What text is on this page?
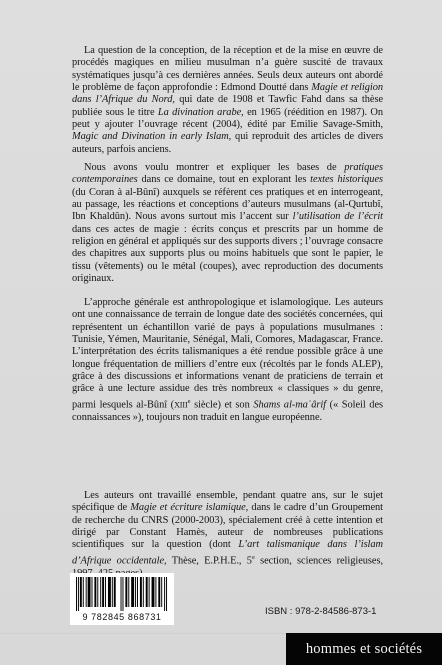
La question de la conception, de la réception et de la mise en œuvre de procédés magiques en milieu musulman n’a guère suscité de travaux systématiques jusqu’à ces dernières années. Seuls deux auteurs ont abordé le problème de façon approfondie : Edmond Doutté dans Magie et religion dans l’Afrique du Nord, qui date de 1908 et Tawfic Fahd dans sa thèse publiée sous le titre La divination arabe, en 1965 (réédition en 1987). On peut y ajouter l’ouvrage récent (2004), édité par Emilie Savage-Smith, Magic and Divination in early Islam, qui reproduit des articles de divers auteurs, parfois anciens.

Nous avons voulu montrer et expliquer les bases de pratiques contemporaines dans ce domaine, tout en explorant les textes historiques (du Coran à al-Bûnî) auxquels se réfèrent ces pratiques et en interrogeant, au passage, les réactions et conceptions d’auteurs musulmans (al-Qurtubî, Ibn Khaldûn). Nous avons surtout mis l’accent sur l’utilisation de l’écrit dans ces actes de magie : écrits conçus et prescrits par un homme de religion en général et appliqués sur des supports divers ; l’ouvrage consacre des chapitres aux supports plus ou moins habituels que sont le papier, le tissu (vêtements) ou le métal (coupes), avec reproduction des documents originaux.

L’approche générale est anthropologique et islamologique. Les auteurs ont une connaissance de terrain de longue date des sociétés concernées, qui représentent un échantillon varié de pays à populations musulmanes : Tunisie, Yémen, Mauritanie, Sénégal, Mali, Comores, Madagascar, France. L’interprétation des écrits talismaniques a été rendue possible grâce à une longue fréquentation de milliers d’entre eux (récoltés par le fonds ALEP), grâce à des discussions et informations venant de praticiens de terrain et grâce à une lecture assidue des très nombreux « classiques » du genre, parmi lesquels al-Bûnî (XIIIe siècle) et son Shams al-maʿârif (« Soleil des connaissances »), toujours non traduit en langue européenne.

Les auteurs ont travaillé ensemble, pendant quatre ans, sur le sujet spécifique de Magie et écriture islamique, dans le cadre d’un Groupement de recherche du CNRS (2000-2003), spécialement créé à cette intention et dirigé par Constant Hamès, auteur de nombreuses publications scientifiques sur la question (dont L’art talismanique dans l’islam d’Afrique occidentale, Thèse, E.P.H.E., 5e section, sciences religieuses,

9 782845 868731	ISBN : 978-2-84586-873-1
hommes et sociétés
